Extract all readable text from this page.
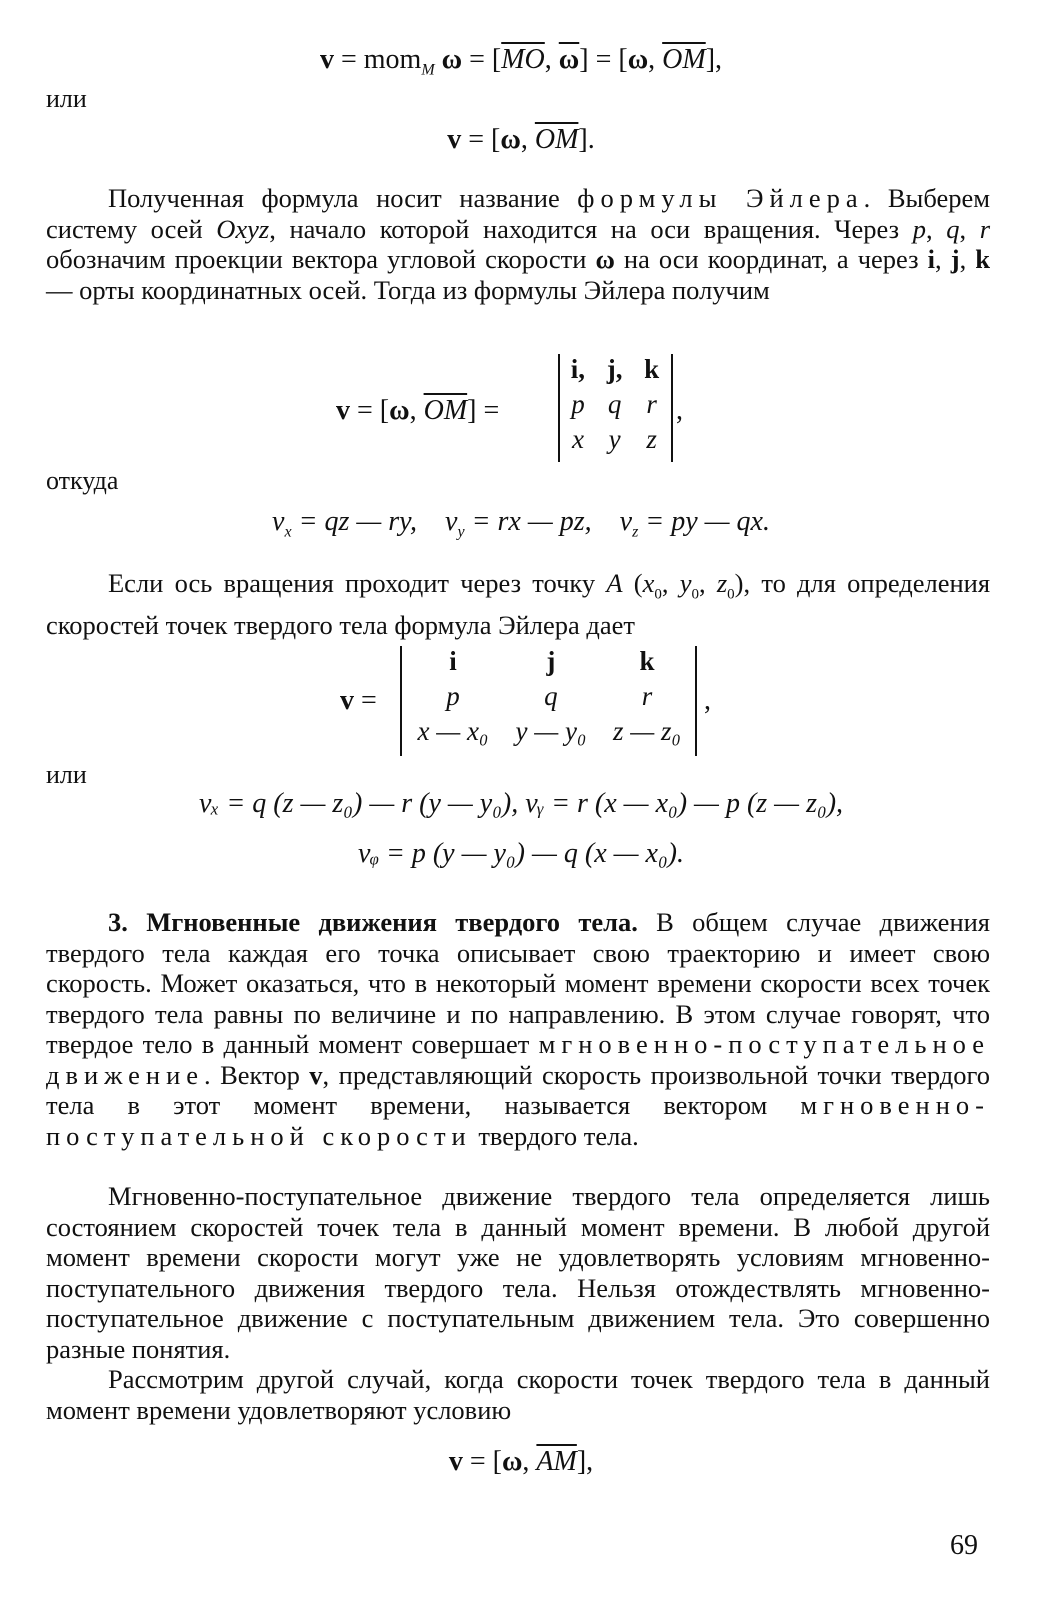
v = mom$_M$ $\omega = [\overline{MO}$, $\overline{\omega}] = [\omega$, $\overline{OM}$],
или
v = [ω, $\overline{OM}$].

Полученная формула носит название формулы Эйлера. Выберем систему осей Oxyz, начало которой находится на оси вращения. Через p, q, r обозначим проекции вектора угловой скорости ω на оси координат, а через i, j, k — орты координатных осей. Тогда из формулы Эйлера получим

v = [ω, $\overline{OM}$] =
i,	j,	k
p	q	r
x	y	z
,
откуда
$v_x$ = qz — ry,    $v_y$ = rx — pz,    $v_z$ = py — qx.

Если ось вращения проходит через точку A ($x_0$, $y_0$, $z_0$), то для определения скоростей точек твердого тела формула Эйлера дает

v =
i	j	k
p	q	r
x — x₀	y — y₀	z — z₀
,
или
vₓ = q (z — z₀) — r (y — y₀), vᵧ = r (x — x₀) — p (z — z₀),
vᵩ = p (y — y₀) — q (x — x₀).

3. Мгновенные движения твердого тела. В общем случае движения твердого тела каждая его точка описывает свою траекторию и имеет свою скорость. Может оказаться, что в некоторый момент времени скорости всех точек твердого тела равны по величине и по направлению. В этом случае говорят, что твердое тело в данный момент совершает мгновенно-поступательное движение. Вектор v, представляющий скорость произвольной точки твердого тела в этот момент времени, называется вектором мгновенно-поступательной скорости твердого тела.

Мгновенно-поступательное движение твердого тела определяется лишь состоянием скоростей точек тела в данный момент времени. В любой другой момент времени скорости могут уже не удовлетворять условиям мгновенно-поступательного движения твердого тела. Нельзя отождествлять мгновенно-поступательное движение с поступательным движением тела. Это совершенно разные понятия.

Рассмотрим другой случай, когда скорости точек твердого тела в данный момент времени удовлетворяют условию

v = [ω, $\overline{AM}$],
69
